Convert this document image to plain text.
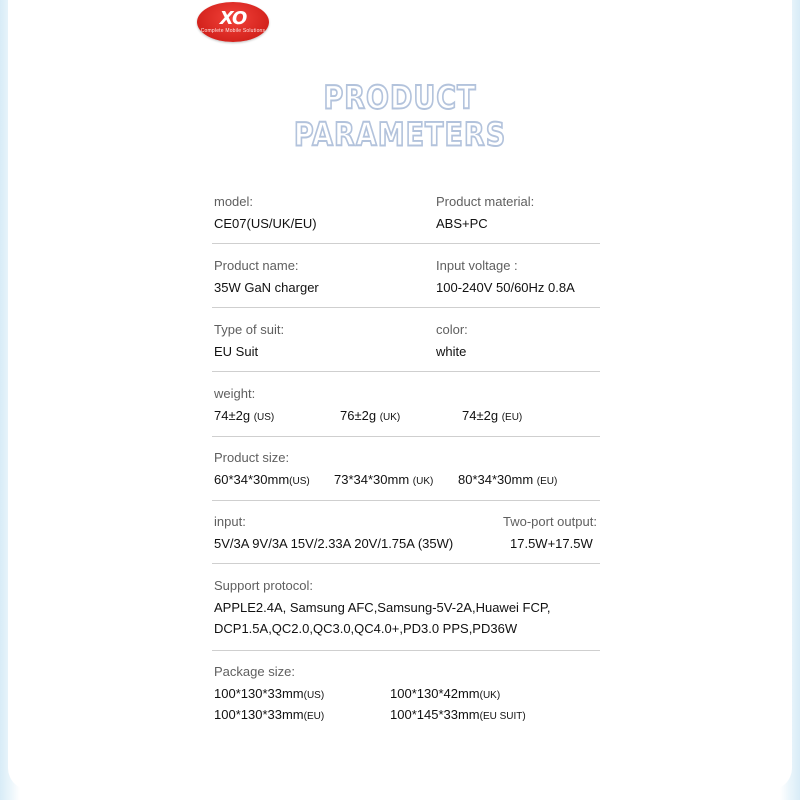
XO
Complete Mobile Solutions
PRODUCT PARAMETERS
model:
CE07(US/UK/EU)
Product material:
ABS+PC
Product name:
35W GaN charger
Input voltage :
100-240V 50/60Hz 0.8A
Type of suit:
EU Suit
color:
white
weight:
74±2g (US)	76±2g (UK)	74±2g (EU)
Product size:
60*34*30mm(US) 73*34*30mm (UK) 80*34*30mm (EU)
input:
5V/3A 9V/3A 15V/2.33A 20V/1.75A (35W)
Two-port output:
17.5W+17.5W
Support protocol:
APPLE2.4A, Samsung AFC,Samsung-5V-2A,Huawei FCP,
DCP1.5A,QC2.0,QC3.0,QC4.0+,PD3.0 PPS,PD36W
Package size:
100*130*33mm(US)	100*130*42mm(UK)
100*130*33mm(EU)	100*145*33mm(EU SUIT)
